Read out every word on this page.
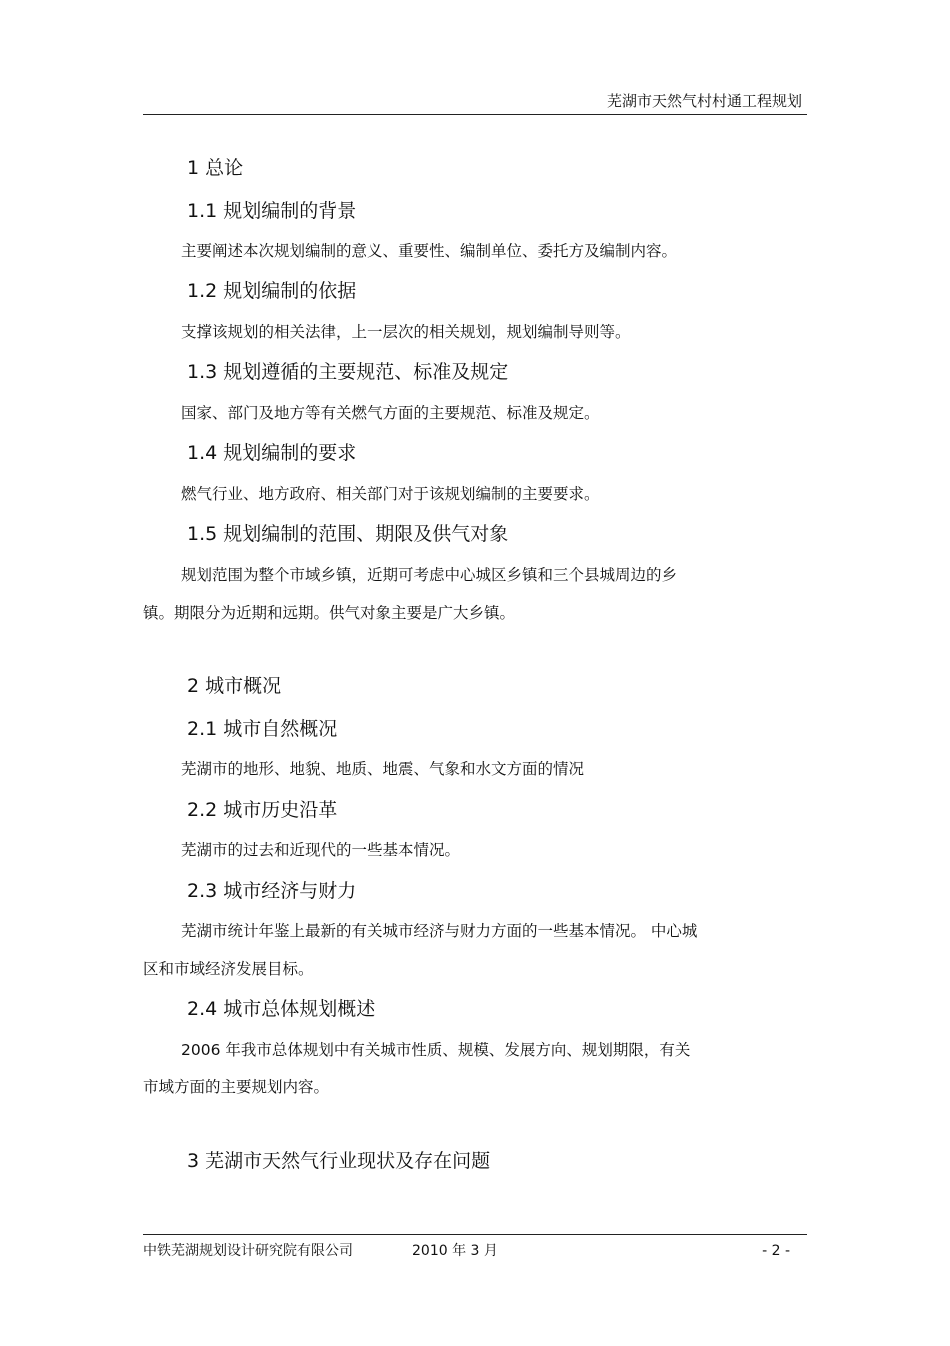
芜湖市天然气村村通工程规划
1 总论
1.1 规划编制的背景
主要阐述本次规划编制的意义、重要性、编制单位、委托方及编制内容。
1.2 规划编制的依据
支撑该规划的相关法律，上一层次的相关规划，规划编制导则等。
1.3 规划遵循的主要规范、标准及规定
国家、部门及地方等有关燃气方面的主要规范、标准及规定。
1.4 规划编制的要求
燃气行业、地方政府、相关部门对于该规划编制的主要要求。
1.5 规划编制的范围、期限及供气对象
规划范围为整个市域乡镇，近期可考虑中心城区乡镇和三个县城周边的乡
镇。期限分为近期和远期。供气对象主要是广大乡镇。
2 城市概况
2.1 城市自然概况
芜湖市的地形、地貌、地质、地震、气象和水文方面的情况
2.2 城市历史沿革
芜湖市的过去和近现代的一些基本情况。
2.3 城市经济与财力
芜湖市统计年鉴上最新的有关城市经济与财力方面的一些基本情况。 中心城
区和市域经济发展目标。
2.4 城市总体规划概述
2006 年我市总体规划中有关城市性质、规模、发展方向、规划期限，有关
市域方面的主要规划内容。
3 芜湖市天然气行业现状及存在问题
中铁芜湖规划设计研究院有限公司	2010 年 3 月	- 2 -
